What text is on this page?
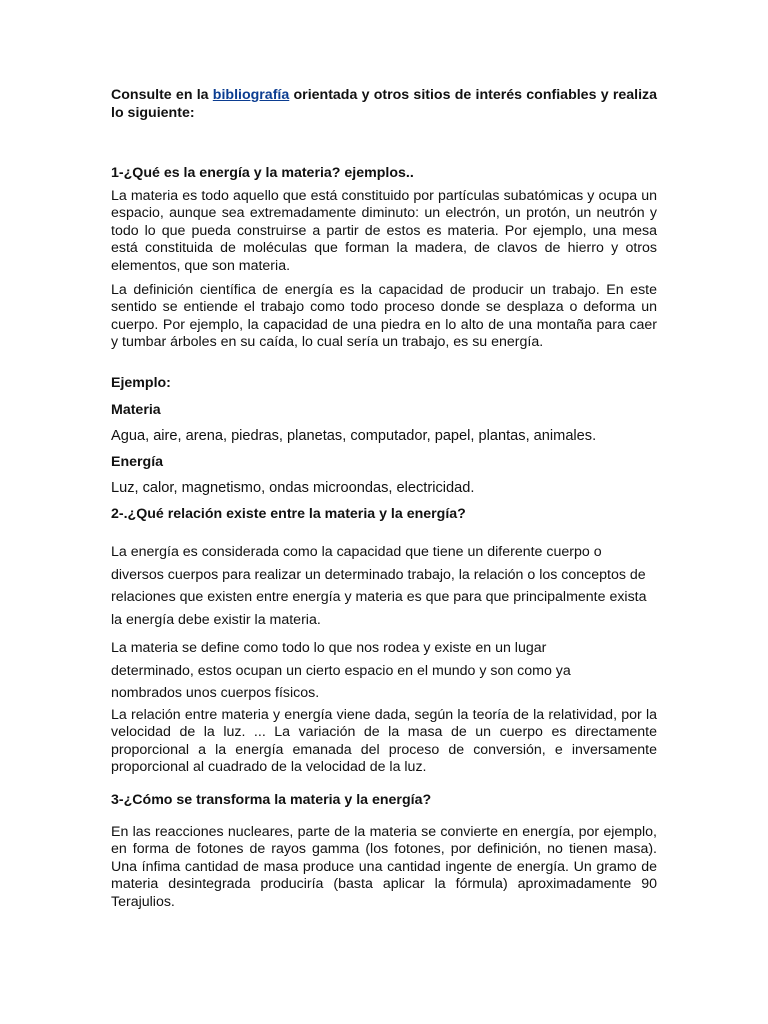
Consulte en la bibliografía orientada y otros sitios de interés confiables y realiza lo siguiente:

1-¿Qué es la energía y la materia? ejemplos..

La materia es todo aquello que está constituido por partículas subatómicas y ocupa un espacio, aunque sea extremadamente diminuto: un electrón, un protón, un neutrón y todo lo que pueda construirse a partir de estos es materia. Por ejemplo, una mesa está constituida de moléculas que forman la madera, de clavos de hierro y otros elementos, que son materia.

La definición científica de energía es la capacidad de producir un trabajo. En este sentido se entiende el trabajo como todo proceso donde se desplaza o deforma un cuerpo. Por ejemplo, la capacidad de una piedra en lo alto de una montaña para caer y tumbar árboles en su caída, lo cual sería un trabajo, es su energía.

Ejemplo:

Materia

Agua, aire, arena, piedras, planetas, computador, papel, plantas, animales.

Energía

Luz, calor, magnetismo, ondas microondas, electricidad.

2-.¿Qué relación existe entre la materia y la energía?

La energía es considerada como la capacidad que tiene un diferente cuerpo o diversos cuerpos para realizar un determinado trabajo, la relación o los conceptos de relaciones que existen entre energía y materia es que para que principalmente exista la energía debe existir la materia.

La materia se define como todo lo que nos rodea y existe en un lugar determinado, estos ocupan un cierto espacio en el mundo y son como ya nombrados unos cuerpos físicos.

La relación entre materia y energía viene dada, según la teoría de la relatividad, por la velocidad de la luz. ... La variación de la masa de un cuerpo es directamente proporcional a la energía emanada del proceso de conversión, e inversamente proporcional al cuadrado de la velocidad de la luz.

3-¿Cómo se transforma la materia y la energía?

En las reacciones nucleares, parte de la materia se convierte en energía, por ejemplo, en forma de fotones de rayos gamma (los fotones, por definición, no tienen masa). Una ínfima cantidad de masa produce una cantidad ingente de energía. Un gramo de materia desintegrada produciría (basta aplicar la fórmula) aproximadamente 90 Terajulios.
